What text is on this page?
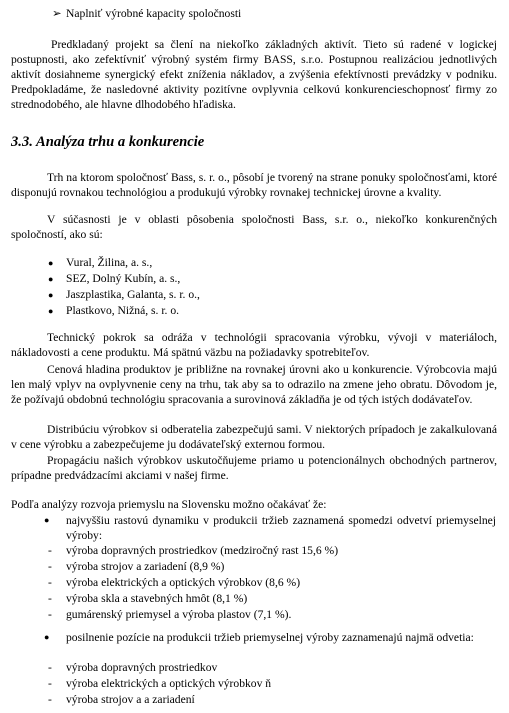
➢ Naplniť výrobné kapacity spoločnosti
Predkladaný projekt sa člení na niekoľko základných aktivít. Tieto sú radené v logickej postupnosti, ako zefektívniť výrobný systém firmy BASS, s.r.o. Postupnou realizáciou jednotlivých aktivít dosiahneme synergický efekt zníženia nákladov, a zvýšenia efektívnosti prevádzky v podniku. Predpokladáme, že nasledovné aktivity pozitívne ovplyvnia celkovú konkurencieschopnosť firmy zo strednodobého, ale hlavne dlhodobého hľadiska.
3.3. Analýza trhu a konkurencie
Trh na ktorom spoločnosť Bass, s. r. o., pôsobí je tvorený na strane ponuky spoločnosťami, ktoré disponujú rovnakou technológiou a produkujú výrobky rovnakej technickej úrovne a kvality.
V súčasnosti je v oblasti pôsobenia spoločnosti Bass, s.r. o., niekoľko konkurenčných spoločností, ako sú:
●	Vural, Žilina, a. s.,
●	SEZ, Dolný Kubín, a. s.,
●	Jaszplastika, Galanta, s. r. o.,
●	Plastkovo, Nižná, s. r. o.
Technický pokrok sa odráža v technológii spracovania výrobku, vývoji v materiáloch, nákladovosti a cene produktu. Má spätnú väzbu na požiadavky spotrebiteľov.
Cenová hladina produktov je približne na rovnakej úrovni ako u konkurencie. Výrobcovia majú len malý vplyv na ovplyvnenie ceny na trhu, tak aby sa to odrazilo na zmene jeho obratu. Dôvodom je, že požívajú obdobnú technológiu spracovania a surovinová základňa je od tých istých dodávateľov.
Distribúciu výrobkov si odberatelia zabezpečujú sami. V niektorých prípadoch je zakalkulovaná v cene výrobku a zabezpečujeme ju dodávateľský externou formou.
Propagáciu našich výrobkov uskutočňujeme priamo u potencionálnych obchodných partnerov, prípadne predvádzacími akciami v našej firme.
Podľa analýzy rozvoja priemyslu na Slovensku možno očakávať že:
●	najvyššiu rastovú dynamiku v produkcii tržieb zaznamená spomedzi odvetví priemyselnej výroby:
-	výroba dopravných prostriedkov (medziročný rast 15,6 %)
-	výroba strojov a zariadení (8,9 %)
-	výroba elektrických a optických výrobkov (8,6 %)
-	výroba skla a stavebných hmôt (8,1 %)
-	gumárenský priemysel a výroba plastov (7,1 %).
●	posilnenie pozície na produkcii tržieb priemyselnej výroby zaznamenajú najmä odvetia:
-	výroba dopravných prostriedkov
-	výroba elektrických a optických výrobkov ň
-	výroba strojov a a zariadení
